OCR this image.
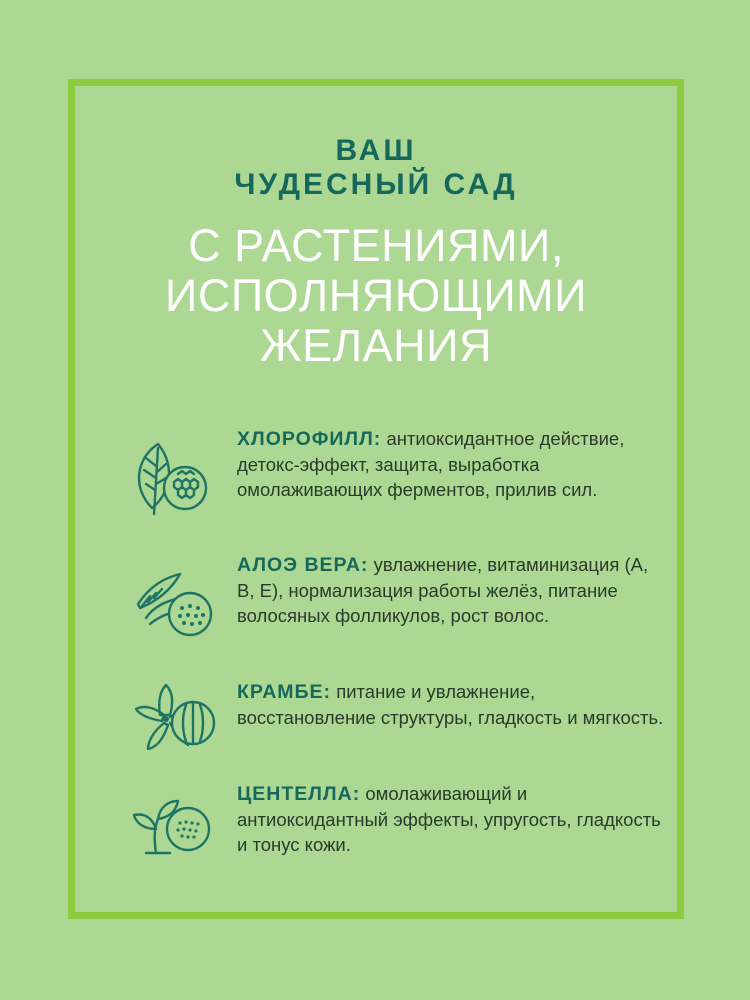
ВАШ
ЧУДЕСНЫЙ САД
С РАСТЕНИЯМИ,
ИСПОЛНЯЮЩИМИ
ЖЕЛАНИЯ
ХЛОРОФИЛЛ: антиоксидантное действие, детокс-эффект, защита, выработка омолаживающих ферментов, прилив сил.
АЛОЭ ВЕРА: увлажнение, витаминизация (А, В, Е), нормализация работы желёз, питание волосяных фолликулов, рост волос.
КРАМБЕ: питание и увлажнение, восстановление структуры, гладкость и мягкость.
ЦЕНТЕЛЛА: омолаживающий и антиоксидантный эффекты, упругость, гладкость и тонус кожи.
